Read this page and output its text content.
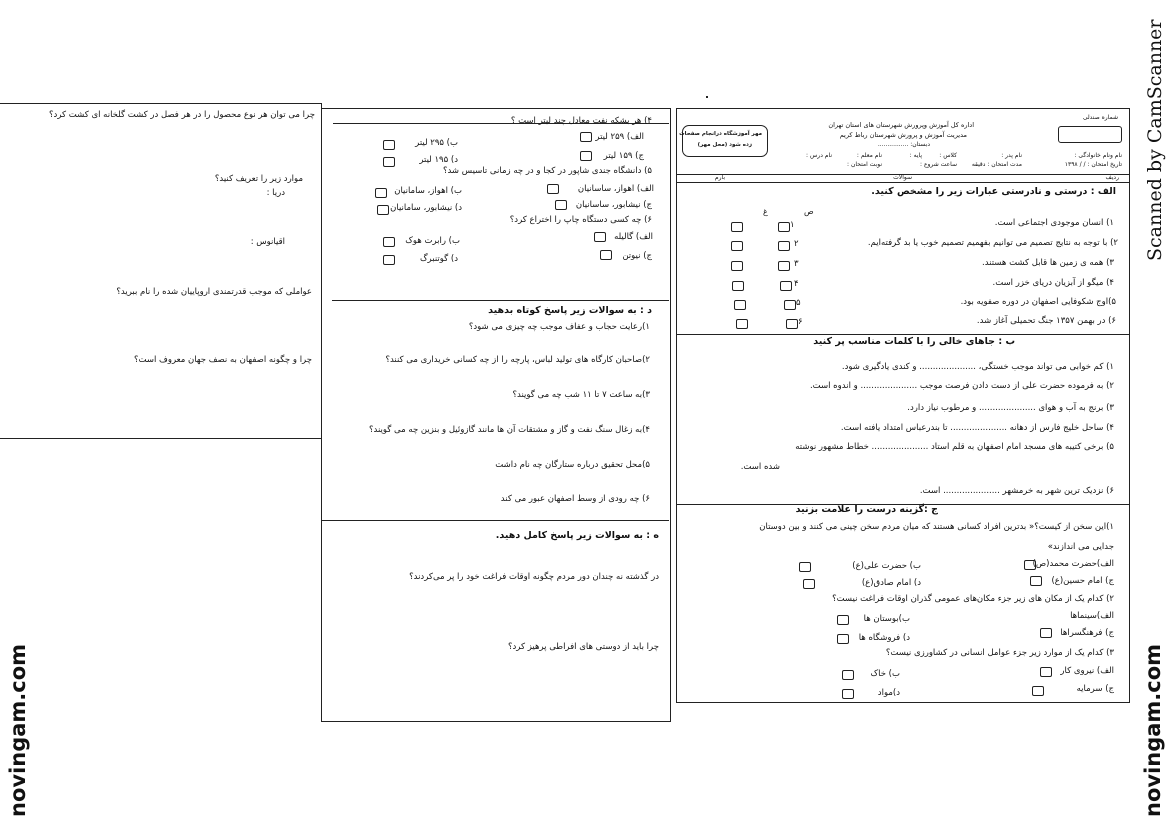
novingam.com	novingam.com
Scanned by CamScanner
چرا می توان هر نوع محصول را در هر فصل در کشت گلخانه ای کشت کرد؟
موارد زیر را تعریف کنید؟
دریا :
اقیانوس :
عواملی که موجب قدرتمندی اروپاییان شده را نام ببرید؟
چرا و چگونه اصفهان به نصف جهان معروف است؟
۴) هر بشکه نفت معادل چند لیتر است ؟
الف) ۲۵۹ لیتر
ب) ۲۹۵ لیتر
ج) ۱۵۹ لیتر
د) ۱۹۵ لیتر
۵) دانشگاه جندی شاپور در کجا و در چه زمانی تاسیس شد؟
الف) اهواز، ساسانیان
ب) اهواز، سامانیان
ج) نیشابور، ساسانیان
د) نیشابور، سامانیان
۶) چه کسی دستگاه چاپ را اختراع کرد؟
الف) گالیله
ب) رابرت هوک
ج) نیوتن
د) گوتنبرگ
د : به سوالات زیر پاسخ کوتاه بدهید
۱)رعایت حجاب و عفاف موجب چه چیزی می شود؟
۲)صاحبان کارگاه های تولید لباس، پارچه را از چه کسانی خریداری می کنند؟
۳)به ساعت ۷ تا ۱۱ شب چه می گویند؟
۴)به زغال سنگ نفت و گاز و مشتقات آن ها مانند گازوئیل و بنزین چه می گویند؟
۵)محل تحقیق درباره ستارگان چه نام داشت
۶) چه رودی از وسط اصفهان عبور می کند
ه : به سوالات زیر پاسخ کامل دهید.
در گذشته نه چندان دور مردم چگونه اوقات فراغت خود را پر می‌کردند؟
چرا باید از دوستی های افراطی پرهیز کرد؟
شماره صندلی
اداره کل آموزش وپرورش شهرستان های استان تهران
مدیریت آموزش و پرورش شهرستان رباط کریم
دبستان: ................
مهر آموزشگاه درانجام صفحات
زده شود (محل مهر)
نام ونام خانوادگی :
تاریخ امتحان : / / ۱۳۹۸
نام پدر :
مدت امتحان : دقیقه
کلاس :
ساعت شروع :
پایه :
نام معلم :
نوبت امتحان :
نام درس :
ردیف
سوالات
بارم
الف : درستی و نادرستی عبارات زیر را مشخص کنید.
ص
غ
۱) انسان موجودی اجتماعی است.
۲) با توجه به نتایج تصمیم می توانیم بفهمیم تصمیم خوب یا بد گرفته‌ایم.
۳) همه ی زمین ها قابل کشت هستند.
۴) میگو از آبزیان دریای خزر است.
۵)اوج شکوفایی اصفهان در دوره صفویه بود.
۶) در بهمن ۱۳۵۷ جنگ تحمیلی آغاز شد.
۱
۲
۳
۴
۵
۶
ب : جاهای خالی را با کلمات مناسب پر کنید
۱) کم خوابی می تواند موجب خستگی، ..................... و کندی یادگیری شود.
۲) به فرموده حضرت علی از دست دادن فرصت موجب ..................... و اندوه است.
۳) برنج به آب و هوای ..................... و مرطوب نیاز دارد.
۴) ساحل خلیج فارس از دهانه ..................... تا بندرعباس امتداد یافته است.
۵) برخی کتیبه های مسجد امام اصفهان به قلم استاد ..................... خطاط مشهور نوشته
شده است.
۶) نزدیک ترین شهر به خرمشهر ..................... است.
ج :گزینه درست را علامت بزنید
۱)این سخن از کیست؟« بدترین افراد کسانی هستند که میان مردم سخن چینی می کنند و بین دوستان
جدایی می اندازند»
الف)حضرت محمد(ص)
ب) حضرت علی(ع)
ج) امام حسین(ع)
د) امام صادق(ع)
۲) کدام یک از مکان های زیر جزء مکان‌های عمومی گذران اوقات فراغت نیست؟
الف)سینماها
ب)بوستان ها
ج) فرهنگسراها
د) فروشگاه ها
۳) کدام یک از موارد زیر جزء عوامل انسانی در کشاورزی نیست؟
الف) نیروی کار
ب) خاک
ج) سرمایه
د)مواد
